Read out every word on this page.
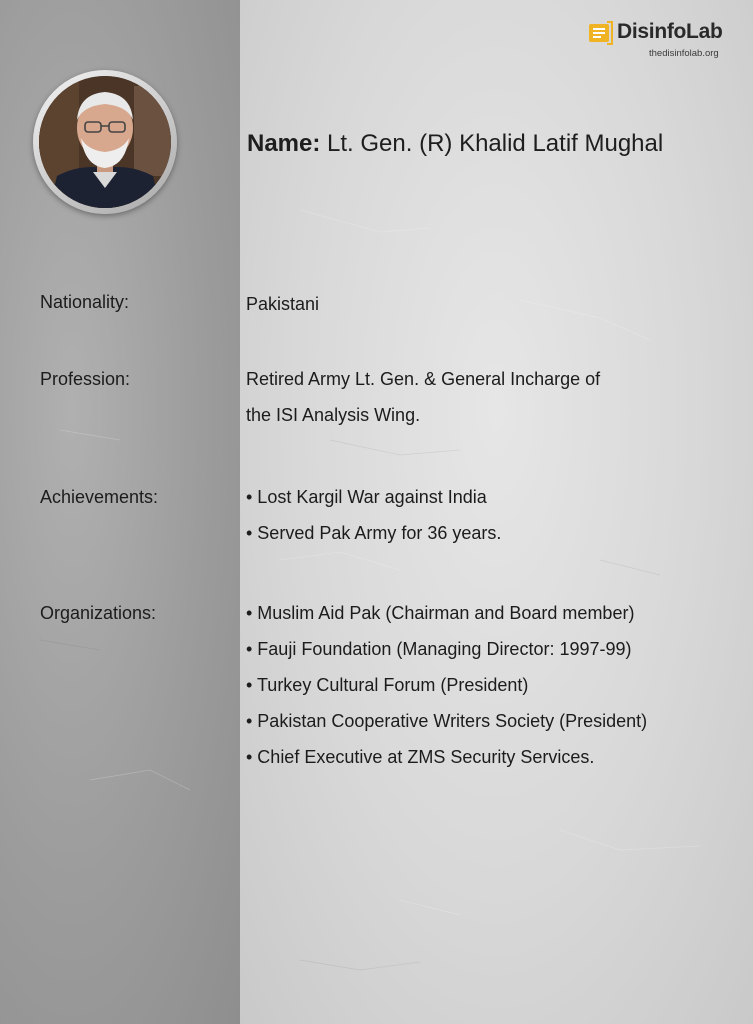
DisinfoLab
thedisinfolab.org
Name: Lt. Gen. (R) Khalid Latif Mughal
Nationality:	Pakistani
Profession:	Retired Army Lt. Gen. & General Incharge of
the ISI Analysis Wing.
Achievements:	• Lost Kargil War against India
• Served Pak Army for 36 years.
Organizations:	• Muslim Aid Pak (Chairman and Board member)
• Fauji Foundation (Managing Director: 1997-99)
• Turkey Cultural Forum (President)
• Pakistan Cooperative Writers Society (President)
• Chief Executive at ZMS Security Services.
